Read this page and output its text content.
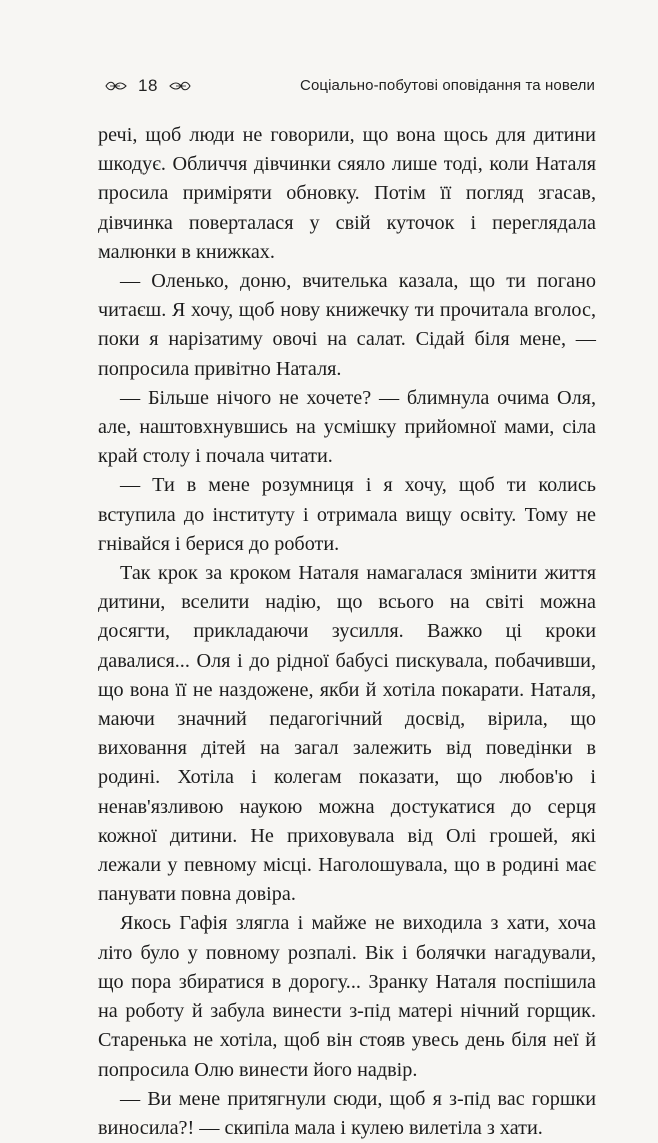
18	Соціально-побутові оповідання та новели

речі, щоб люди не говорили, що вона щось для дитини шкодує. Обличчя дівчинки сяяло лише тоді, коли Наталя просила приміряти обновку. Потім її погляд згасав, дівчинка поверталася у свій куточок і переглядала малюнки в книжках.

— Оленько, доню, вчителька казала, що ти погано читаєш. Я хочу, щоб нову книжечку ти прочитала вголос, поки я нарізатиму овочі на салат. Сідай біля мене, — попросила привітно Наталя.

— Більше нічого не хочете? — блимнула очима Оля, але, наштовхнувшись на усмішку прийомної мами, сіла край столу і почала читати.

— Ти в мене розумниця і я хочу, щоб ти колись вступила до інституту і отримала вищу освіту. Тому не гнівайся і берися до роботи.

Так крок за кроком Наталя намагалася змінити життя дитини, вселити надію, що всього на світі можна досягти, прикладаючи зусилля. Важко ці кроки давалися... Оля і до рідної бабусі пискувала, побачивши, що вона її не наздожене, якби й хотіла покарати. Наталя, маючи значний педагогічний досвід, вірила, що виховання дітей на загал залежить від поведінки в родині. Хотіла і колегам показати, що любов'ю і ненав'язливою наукою можна достукатися до серця кожної дитини. Не приховувала від Олі грошей, які лежали у певному місці. Наголошувала, що в родині має панувати повна довіра.

Якось Гафія злягла і майже не виходила з хати, хоча літо було у повному розпалі. Вік і болячки нагадували, що пора збиратися в дорогу... Зранку Наталя поспішила на роботу й забула винести з-під матері нічний горщик. Старенька не хотіла, щоб він стояв увесь день біля неї й попросила Олю винести його надвір.

— Ви мене притягнули сюди, щоб я з-під вас горшки виносила?! — скипіла мала і кулею вилетіла з хати.
